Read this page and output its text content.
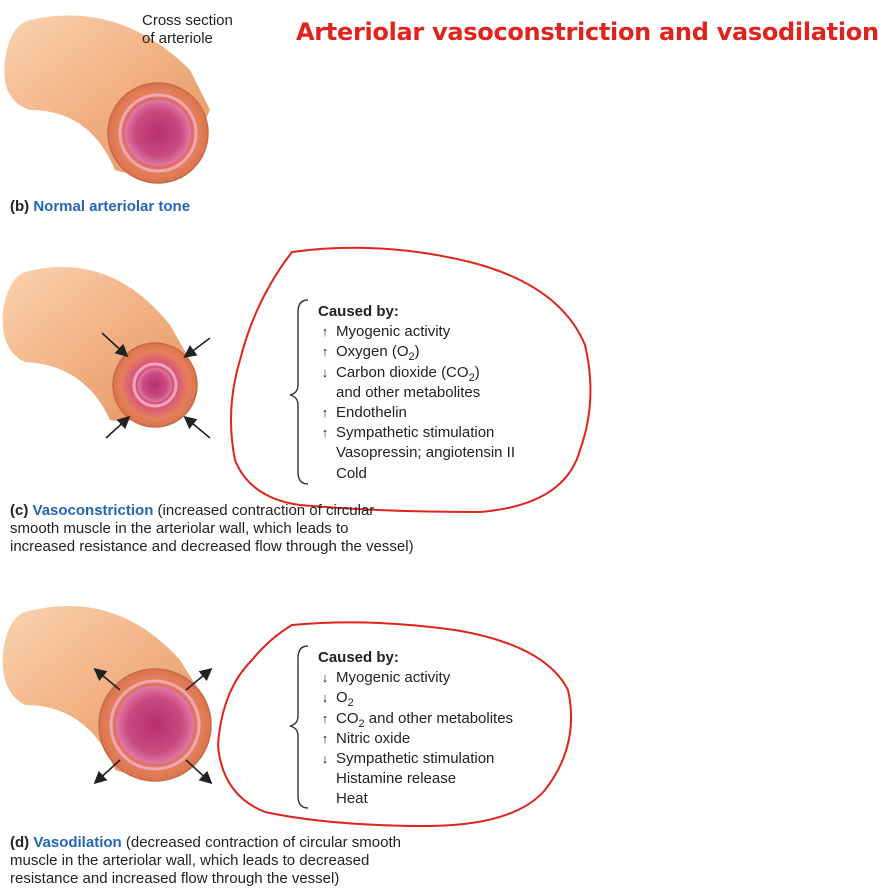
Arteriolar vasoconstriction and vasodilation
Cross section
of arteriole
(b) Normal arteriolar tone
Caused by:
↑ Myogenic activity
↑ Oxygen $(O_2)$
↓ Carbon dioxide $(CO_2)$
and other metabolites
↑ Endothelin
↑ Sympathetic stimulation
Vasopressin; angiotensin II
Cold
(c) Vasoconstriction (increased contraction of circular
smooth muscle in the arteriolar wall, which leads to
increased resistance and decreased flow through the vessel)
Caused by:
↓ Myogenic activity
↓ $O_2$
↑ $CO_2$ and other metabolites
↑ Nitric oxide
↓ Sympathetic stimulation
Histamine release
Heat
(d) Vasodilation (decreased contraction of circular smooth
muscle in the arteriolar wall, which leads to decreased
resistance and increased flow through the vessel)
